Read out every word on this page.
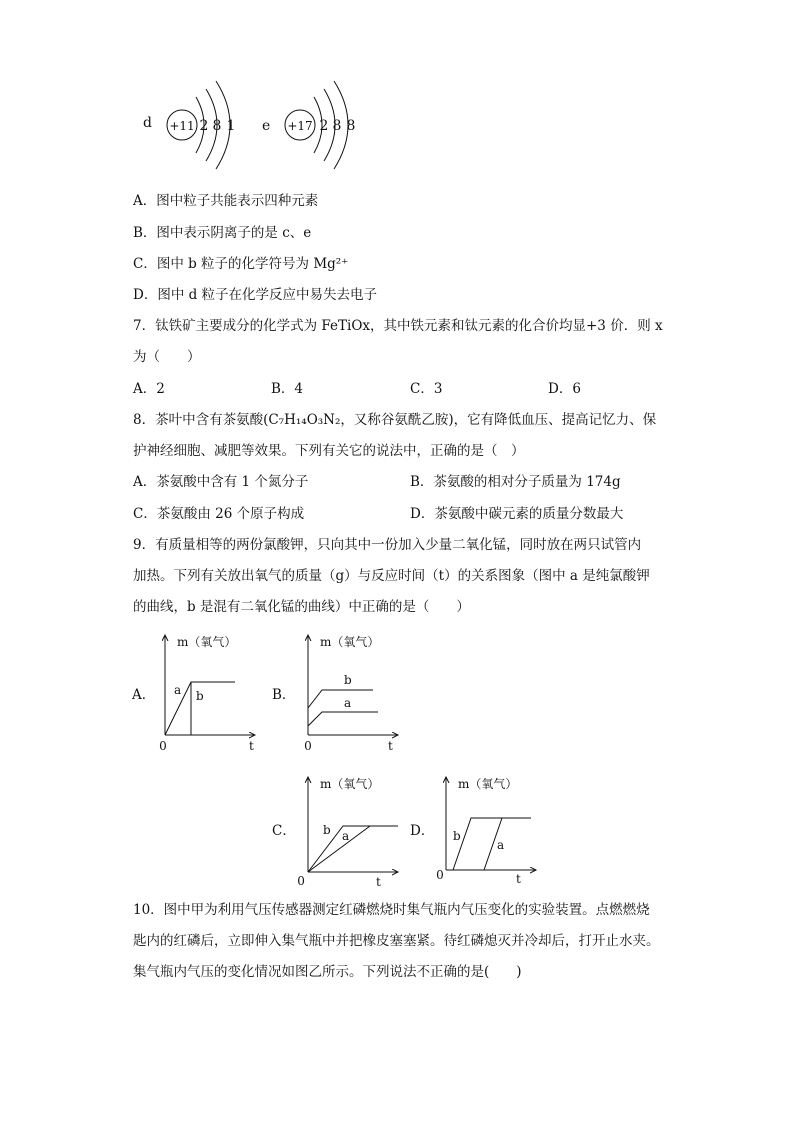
d +11 2 8 1 e +17 2 8 8
A．图中粒子共能表示四种元素
B．图中表示阴离子的是 c、e
C．图中 b 粒子的化学符号为 Mg²⁺
D．图中 d 粒子在化学反应中易失去电子
7．钛铁矿主要成分的化学式为 FeTiOx，其中铁元素和钛元素的化合价均显+3 价．则 x
为（　　）
A．2	B．4	C．3	D．6
8．茶叶中含有茶氨酸(C₇H₁₄O₃N₂，又称谷氨酰乙胺)，它有降低血压、提高记忆力、保
护神经细胞、减肥等效果。下列有关它的说法中，正确的是（　）
A．茶氨酸中含有 1 个氮分子	B．茶氨酸的相对分子质量为 174g
C．茶氨酸由 26 个原子构成	D．茶氨酸中碳元素的质量分数最大
9．有质量相等的两份氯酸钾，只向其中一份加入少量二氧化锰，同时放在两只试管内
加热。下列有关放出氧气的质量（g）与反应时间（t）的关系图象（图中 a 是纯氯酸钾
的曲线，b 是混有二氧化锰的曲线）中正确的是（　　）
A．
m（氧气）
0	t
a b	B．
m（氧气）
0	t
b
a
C．
m（氧气）
0	t
b a	D．
m（氧气）
0	t
b
a
10．图中甲为利用气压传感器测定红磷燃烧时集气瓶内气压变化的实验装置。点燃燃烧
匙内的红磷后，立即伸入集气瓶中并把橡皮塞塞紧。待红磷熄灭并冷却后，打开止水夹。
集气瓶内气压的变化情况如图乙所示。下列说法不正确的是(　　)
